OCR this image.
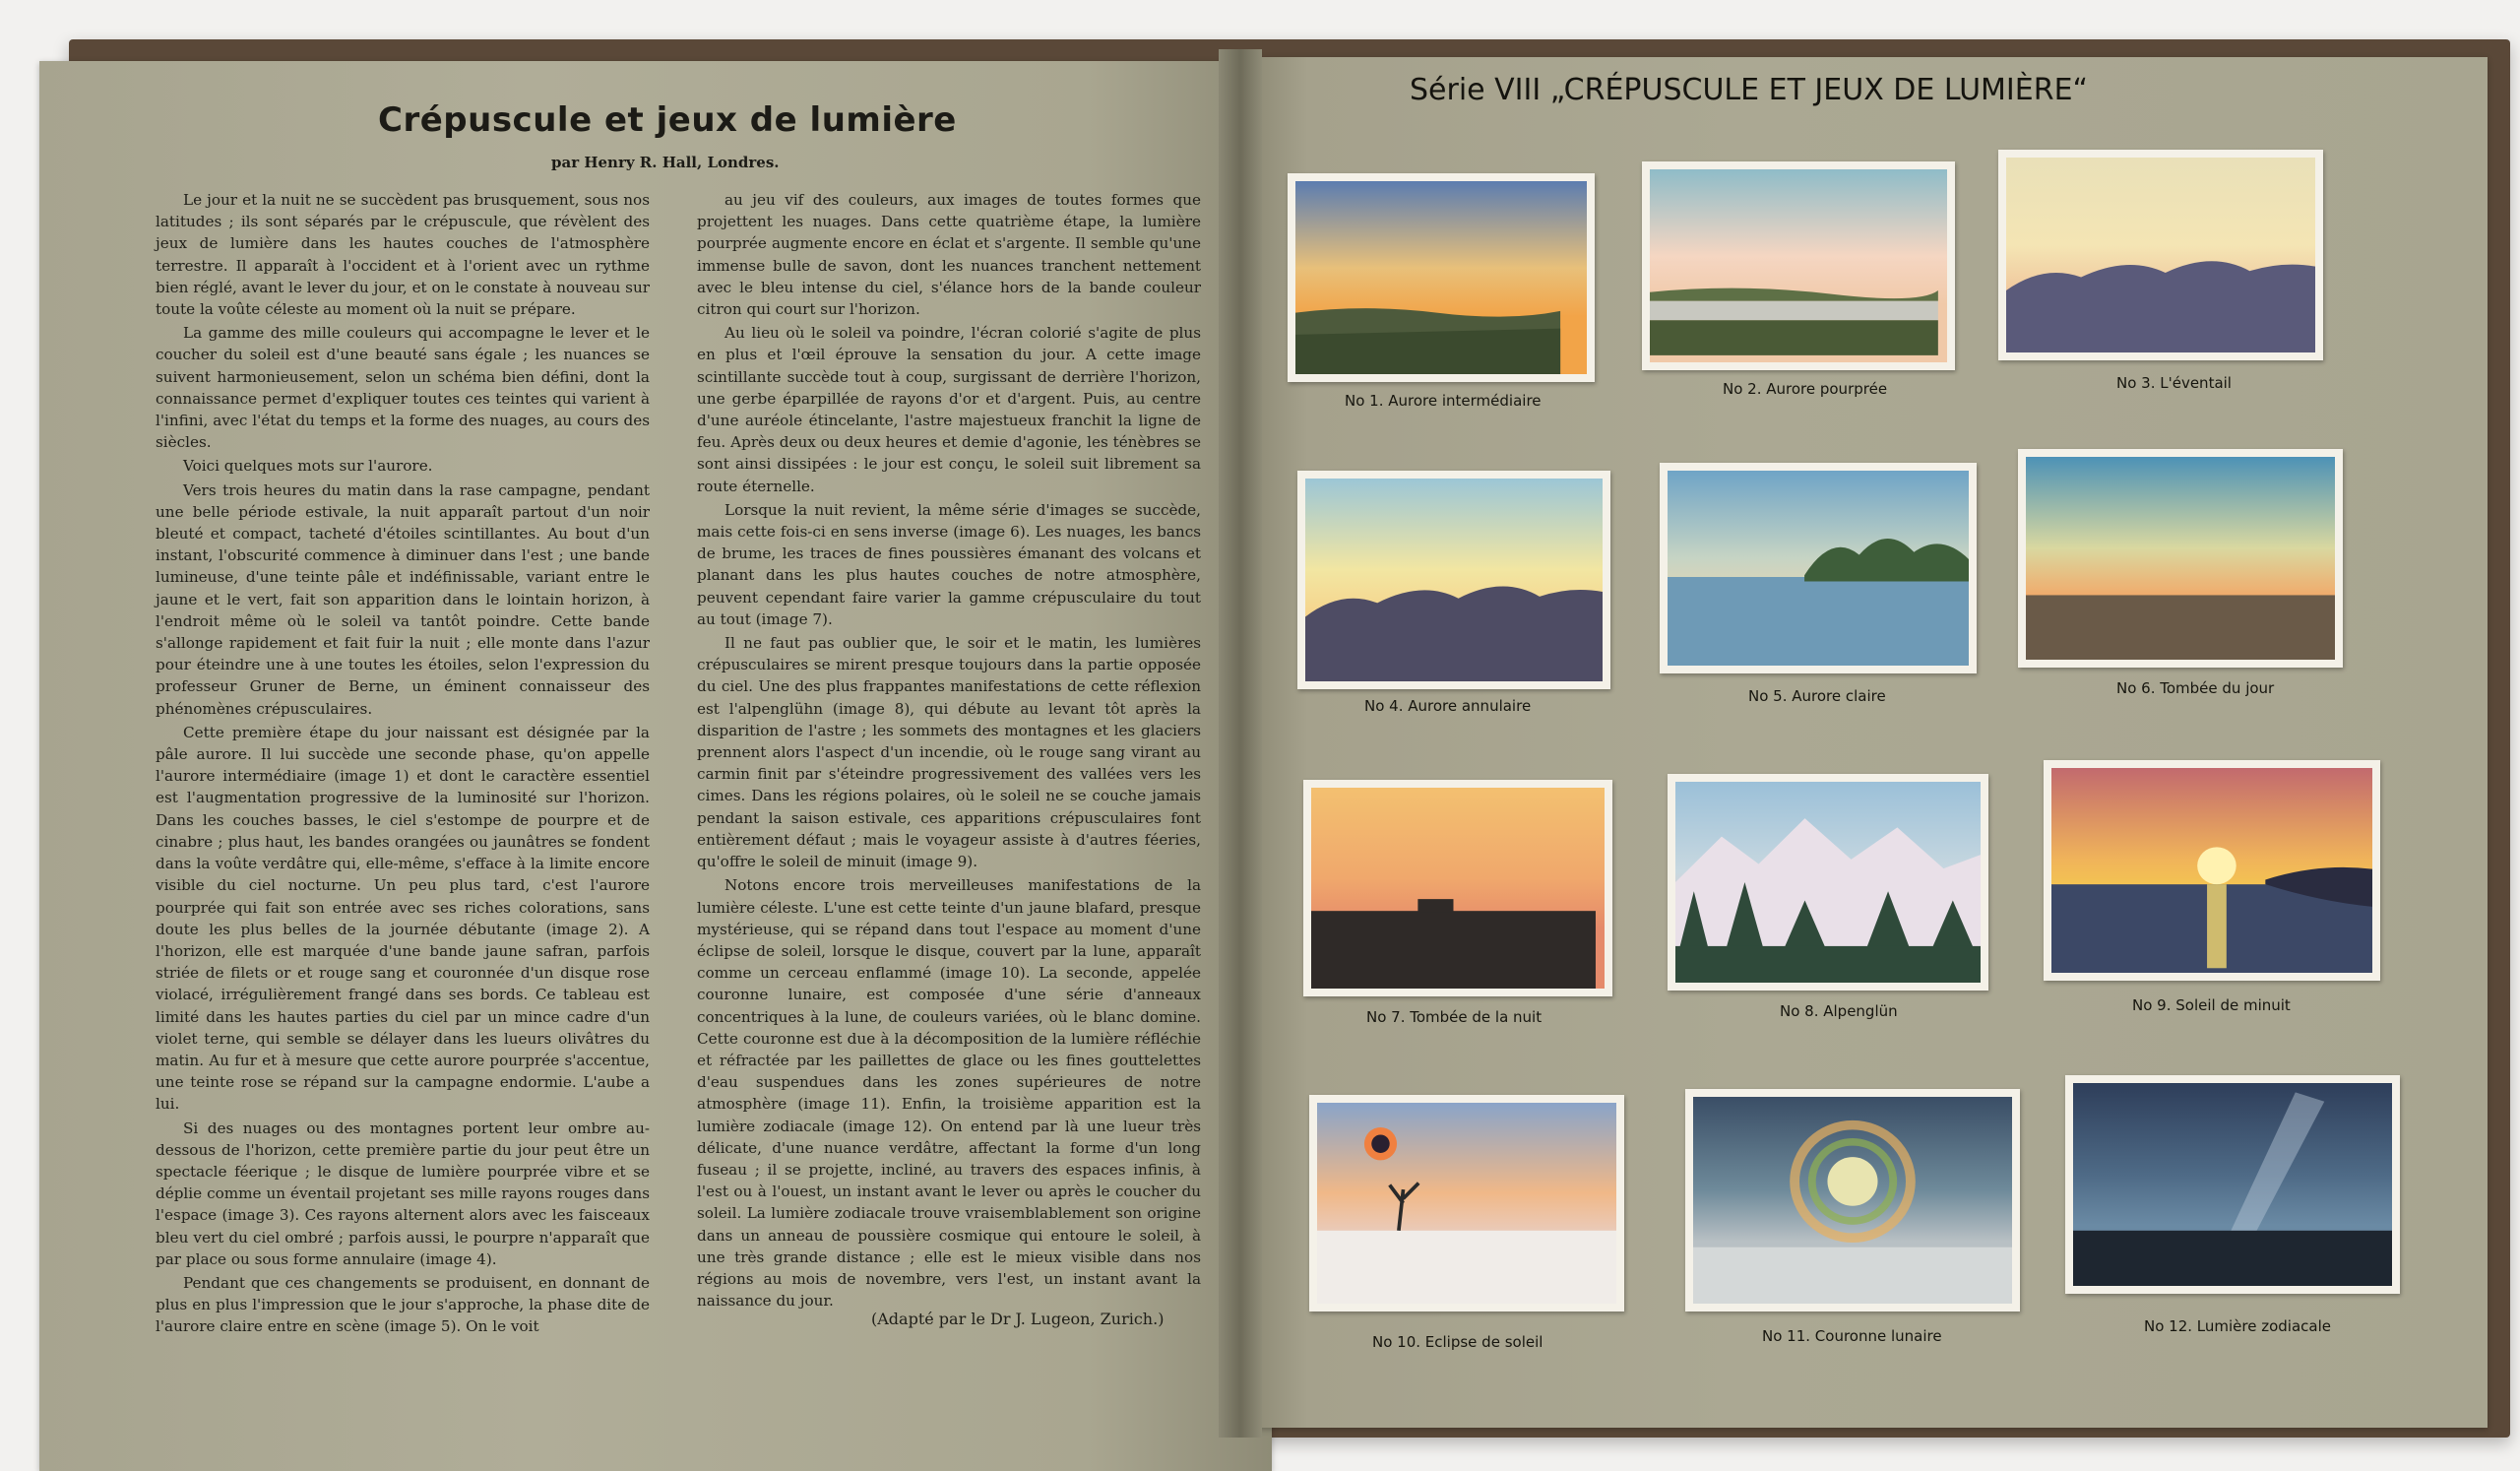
Crépuscule et jeux de lumière
par Henry R. Hall, Londres.

Le jour et la nuit ne se succèdent pas brusquement, sous nos latitudes ; ils sont séparés par le crépuscule, que révèlent des jeux de lumière dans les hautes couches de l'atmosphère terrestre. Il apparaît à l'occident et à l'orient avec un rythme bien réglé, avant le lever du jour, et on le constate à nouveau sur toute la voûte céleste au moment où la nuit se prépare.

La gamme des mille couleurs qui accompagne le lever et le coucher du soleil est d'une beauté sans égale ; les nuances se suivent harmonieusement, selon un schéma bien défini, dont la connaissance permet d'expliquer toutes ces teintes qui varient à l'infini, avec l'état du temps et la forme des nuages, au cours des siècles.

Voici quelques mots sur l'aurore.

Vers trois heures du matin dans la rase campagne, pendant une belle période estivale, la nuit apparaît partout d'un noir bleuté et compact, tacheté d'étoiles scintillantes. Au bout d'un instant, l'obscurité commence à diminuer dans l'est ; une bande lumineuse, d'une teinte pâle et indéfinissable, variant entre le jaune et le vert, fait son apparition dans le lointain horizon, à l'endroit même où le soleil va tantôt poindre. Cette bande s'allonge rapidement et fait fuir la nuit ; elle monte dans l'azur pour éteindre une à une toutes les étoiles, selon l'expression du professeur Gruner de Berne, un éminent connaisseur des phénomènes crépusculaires.

Cette première étape du jour naissant est désignée par la pâle aurore. Il lui succède une seconde phase, qu'on appelle l'aurore intermédiaire (image 1) et dont le caractère essentiel est l'augmentation progressive de la luminosité sur l'horizon. Dans les couches basses, le ciel s'estompe de pourpre et de cinabre ; plus haut, les bandes orangées ou jaunâtres se fondent dans la voûte verdâtre qui, elle-même, s'efface à la limite encore visible du ciel nocturne. Un peu plus tard, c'est l'aurore pourprée qui fait son entrée avec ses riches colorations, sans doute les plus belles de la journée débutante (image 2). A l'horizon, elle est marquée d'une bande jaune safran, parfois striée de filets or et rouge sang et couronnée d'un disque rose violacé, irrégulièrement frangé dans ses bords. Ce tableau est limité dans les hautes parties du ciel par un mince cadre d'un violet terne, qui semble se délayer dans les lueurs olivâtres du matin. Au fur et à mesure que cette aurore pourprée s'accentue, une teinte rose se répand sur la campagne endormie. L'aube a lui.

Si des nuages ou des montagnes portent leur ombre au-dessous de l'horizon, cette première partie du jour peut être un spectacle féerique ; le disque de lumière pourprée vibre et se déplie comme un éventail projetant ses mille rayons rouges dans l'espace (image 3). Ces rayons alternent alors avec les faisceaux bleu vert du ciel ombré ; parfois aussi, le pourpre n'apparaît que par place ou sous forme annulaire (image 4).

Pendant que ces changements se produisent, en donnant de plus en plus l'impression que le jour s'approche, la phase dite de l'aurore claire entre en scène (image 5). On le voit

au jeu vif des couleurs, aux images de toutes formes que projettent les nuages. Dans cette quatrième étape, la lumière pourprée augmente encore en éclat et s'argente. Il semble qu'une immense bulle de savon, dont les nuances tranchent nettement avec le bleu intense du ciel, s'élance hors de la bande couleur citron qui court sur l'horizon.

Au lieu où le soleil va poindre, l'écran colorié s'agite de plus en plus et l'œil éprouve la sensation du jour. A cette image scintillante succède tout à coup, surgissant de derrière l'horizon, une gerbe éparpillée de rayons d'or et d'argent. Puis, au centre d'une auréole étincelante, l'astre majestueux franchit la ligne de feu. Après deux ou deux heures et demie d'agonie, les ténèbres se sont ainsi dissipées : le jour est conçu, le soleil suit librement sa route éternelle.

Lorsque la nuit revient, la même série d'images se succède, mais cette fois-ci en sens inverse (image 6). Les nuages, les bancs de brume, les traces de fines poussières émanant des volcans et planant dans les plus hautes couches de notre atmosphère, peuvent cependant faire varier la gamme crépusculaire du tout au tout (image 7).

Il ne faut pas oublier que, le soir et le matin, les lumières crépusculaires se mirent presque toujours dans la partie opposée du ciel. Une des plus frappantes manifestations de cette réflexion est l'alpenglühn (image 8), qui débute au levant tôt après la disparition de l'astre ; les sommets des montagnes et les glaciers prennent alors l'aspect d'un incendie, où le rouge sang virant au carmin finit par s'éteindre progressivement des vallées vers les cimes. Dans les régions polaires, où le soleil ne se couche jamais pendant la saison estivale, ces apparitions crépusculaires font entièrement défaut ; mais le voyageur assiste à d'autres féeries, qu'offre le soleil de minuit (image 9).

Notons encore trois merveilleuses manifestations de la lumière céleste. L'une est cette teinte d'un jaune blafard, presque mystérieuse, qui se répand dans tout l'espace au moment d'une éclipse de soleil, lorsque le disque, couvert par la lune, apparaît comme un cerceau enflammé (image 10). La seconde, appelée couronne lunaire, est composée d'une série d'anneaux concentriques à la lune, de couleurs variées, où le blanc domine. Cette couronne est due à la décomposition de la lumière réfléchie et réfractée par les paillettes de glace ou les fines gouttelettes d'eau suspendues dans les zones supérieures de notre atmosphère (image 11). Enfin, la troisième apparition est la lumière zodiacale (image 12). On entend par là une lueur très délicate, d'une nuance verdâtre, affectant la forme d'un long fuseau ; il se projette, incliné, au travers des espaces infinis, à l'est ou à l'ouest, un instant avant le lever ou après le coucher du soleil. La lumière zodiacale trouve vraisemblablement son origine dans un anneau de poussière cosmique qui entoure le soleil, à une très grande distance ; elle est le mieux visible dans nos régions au mois de novembre, vers l'est, un instant avant la naissance du jour.

(Adapté par le Dr J. Lugeon, Zurich.)
Série VIII „CRÉPUSCULE ET JEUX DE LUMIÈRE“
No 1. Aurore intermédiaire
No 2. Aurore pourprée	No 3. L'éventail
No 4. Aurore annulaire
No 5. Aurore claire	No 6. Tombée du jour
No 7. Tombée de la nuit	No 8. Alpenglün	No 9. Soleil de minuit
No 10. Eclipse de soleil	No 11. Couronne lunaire
No 12. Lumière zodiacale
